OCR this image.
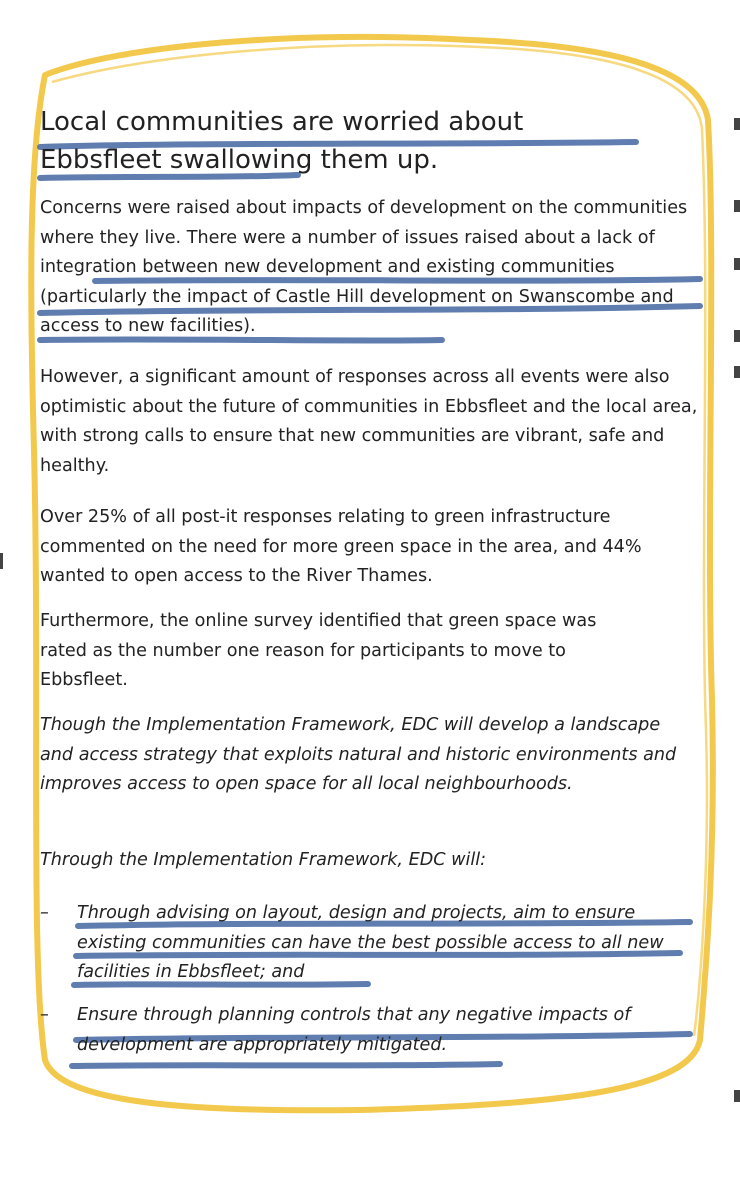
Local communities are worried about Ebbsfleet swallowing them up.

Concerns were raised about impacts of development on the communities where they live. There were a number of issues raised about a lack of integration between new development and existing communities (particularly the impact of Castle Hill development on Swanscombe and access to new facilities).

However, a significant amount of responses across all events were also optimistic about the future of communities in Ebbsfleet and the local area, with strong calls to ensure that new communities are vibrant, safe and healthy.

Over 25% of all post-it responses relating to green infrastructure commented on the need for more green space in the area, and 44% wanted to open access to the River Thames.

Furthermore, the online survey identified that green space was rated as the number one reason for participants to move to Ebbsfleet.

Though the Implementation Framework, EDC will develop a landscape and access strategy that exploits natural and historic environments and improves access to open space for all local neighbourhoods.

Through the Implementation Framework, EDC will:

– Through advising on layout, design and projects, aim to ensure existing communities can have the best possible access to all new facilities in Ebbsfleet; and
– Ensure through planning controls that any negative impacts of development are appropriately mitigated.
